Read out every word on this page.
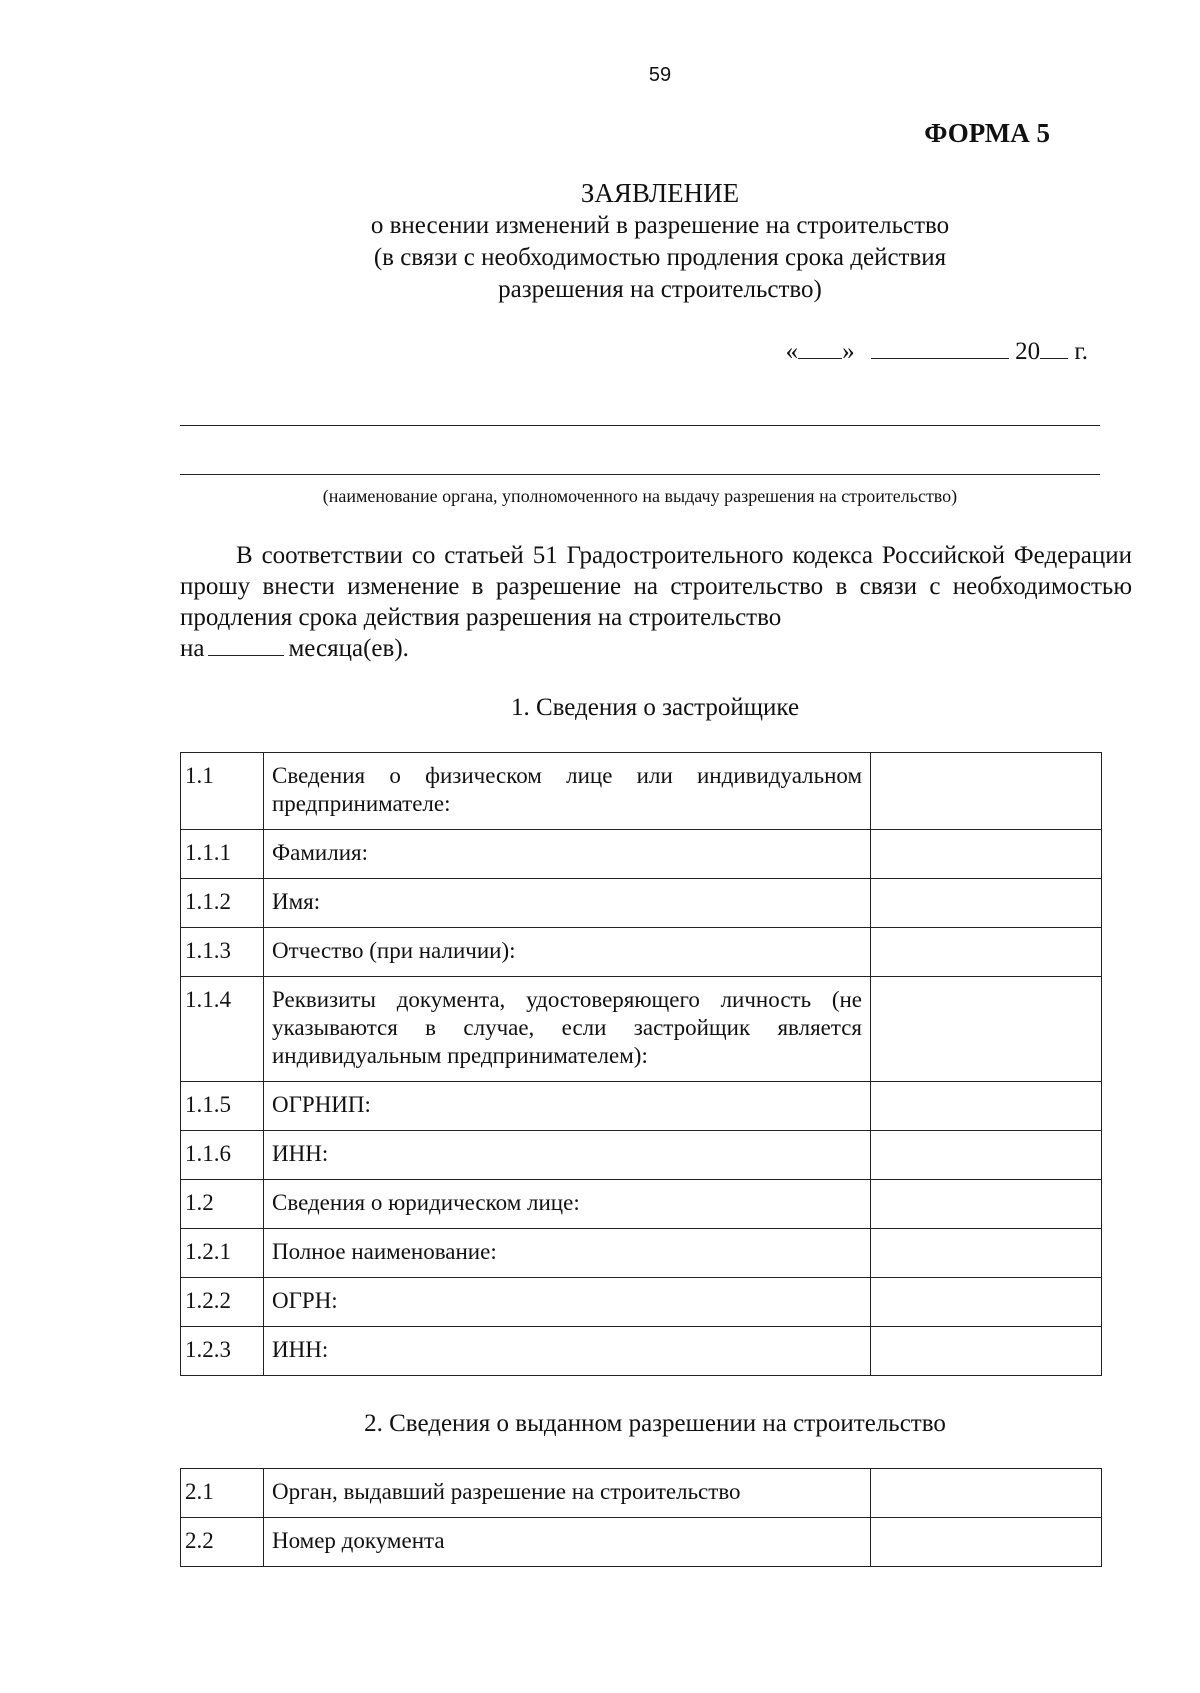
59
ФОРМА 5
ЗАЯВЛЕНИЕ
о внесении изменений в разрешение на строительство
(в связи с необходимостью продления срока действия
разрешения на строительство)
« »	20 г.
(наименование органа, уполномоченного на выдачу разрешения на строительство)
В соответствии со статьей 51 Градостроительного кодекса Российской Федерации прошу внести изменение в разрешение на строительство в связи с необходимостью продления срока действия разрешения на строительство
на	месяца(ев).
1. Сведения о застройщике
1.1	Сведения о физическом лице или индивидуальном предпринимателе:	
1.1.1	Фамилия:	
1.1.2	Имя:	
1.1.3	Отчество (при наличии):	
1.1.4	Реквизиты документа, удостоверяющего личность (не указываются в случае, если застройщик является индивидуальным предпринимателем):	
1.1.5	ОГРНИП:	
1.1.6	ИНН:	
1.2	Сведения о юридическом лице:	
1.2.1	Полное наименование:	
1.2.2	ОГРН:	
1.2.3	ИНН:	
2. Сведения о выданном разрешении на строительство
2.1	Орган, выдавший разрешение на строительство	
2.2	Номер документа	
